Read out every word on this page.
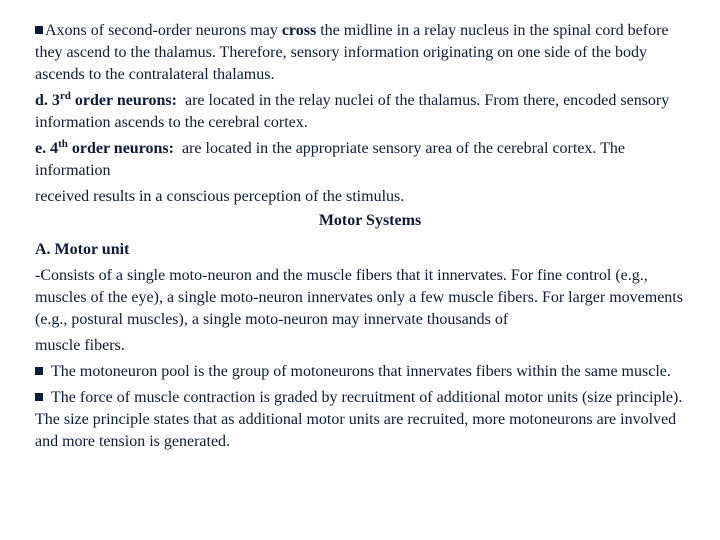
Axons of second-order neurons may cross the midline in a relay nucleus in the spinal cord before they ascend to the thalamus. Therefore, sensory information originating on one side of the body ascends to the contralateral thalamus.

d. 3rd order neurons:  are located in the relay nuclei of the thalamus. From there, encoded sensory information ascends to the cerebral cortex.

e. 4th order neurons:  are located in the appropriate sensory area of the cerebral cortex. The information

received results in a conscious perception of the stimulus.

Motor Systems

A. Motor unit

-Consists of a single moto-neuron and the muscle fibers that it innervates. For fine control (e.g., muscles of the eye), a single moto-neuron innervates only a few muscle fibers. For larger movements (e.g., postural muscles), a single moto-neuron may innervate thousands of

muscle fibers.

The motoneuron pool is the group of motoneurons that innervates fibers within the same muscle.

The force of muscle contraction is graded by recruitment of additional motor units (size principle). The size principle states that as additional motor units are recruited, more motoneurons are involved and more tension is generated.
